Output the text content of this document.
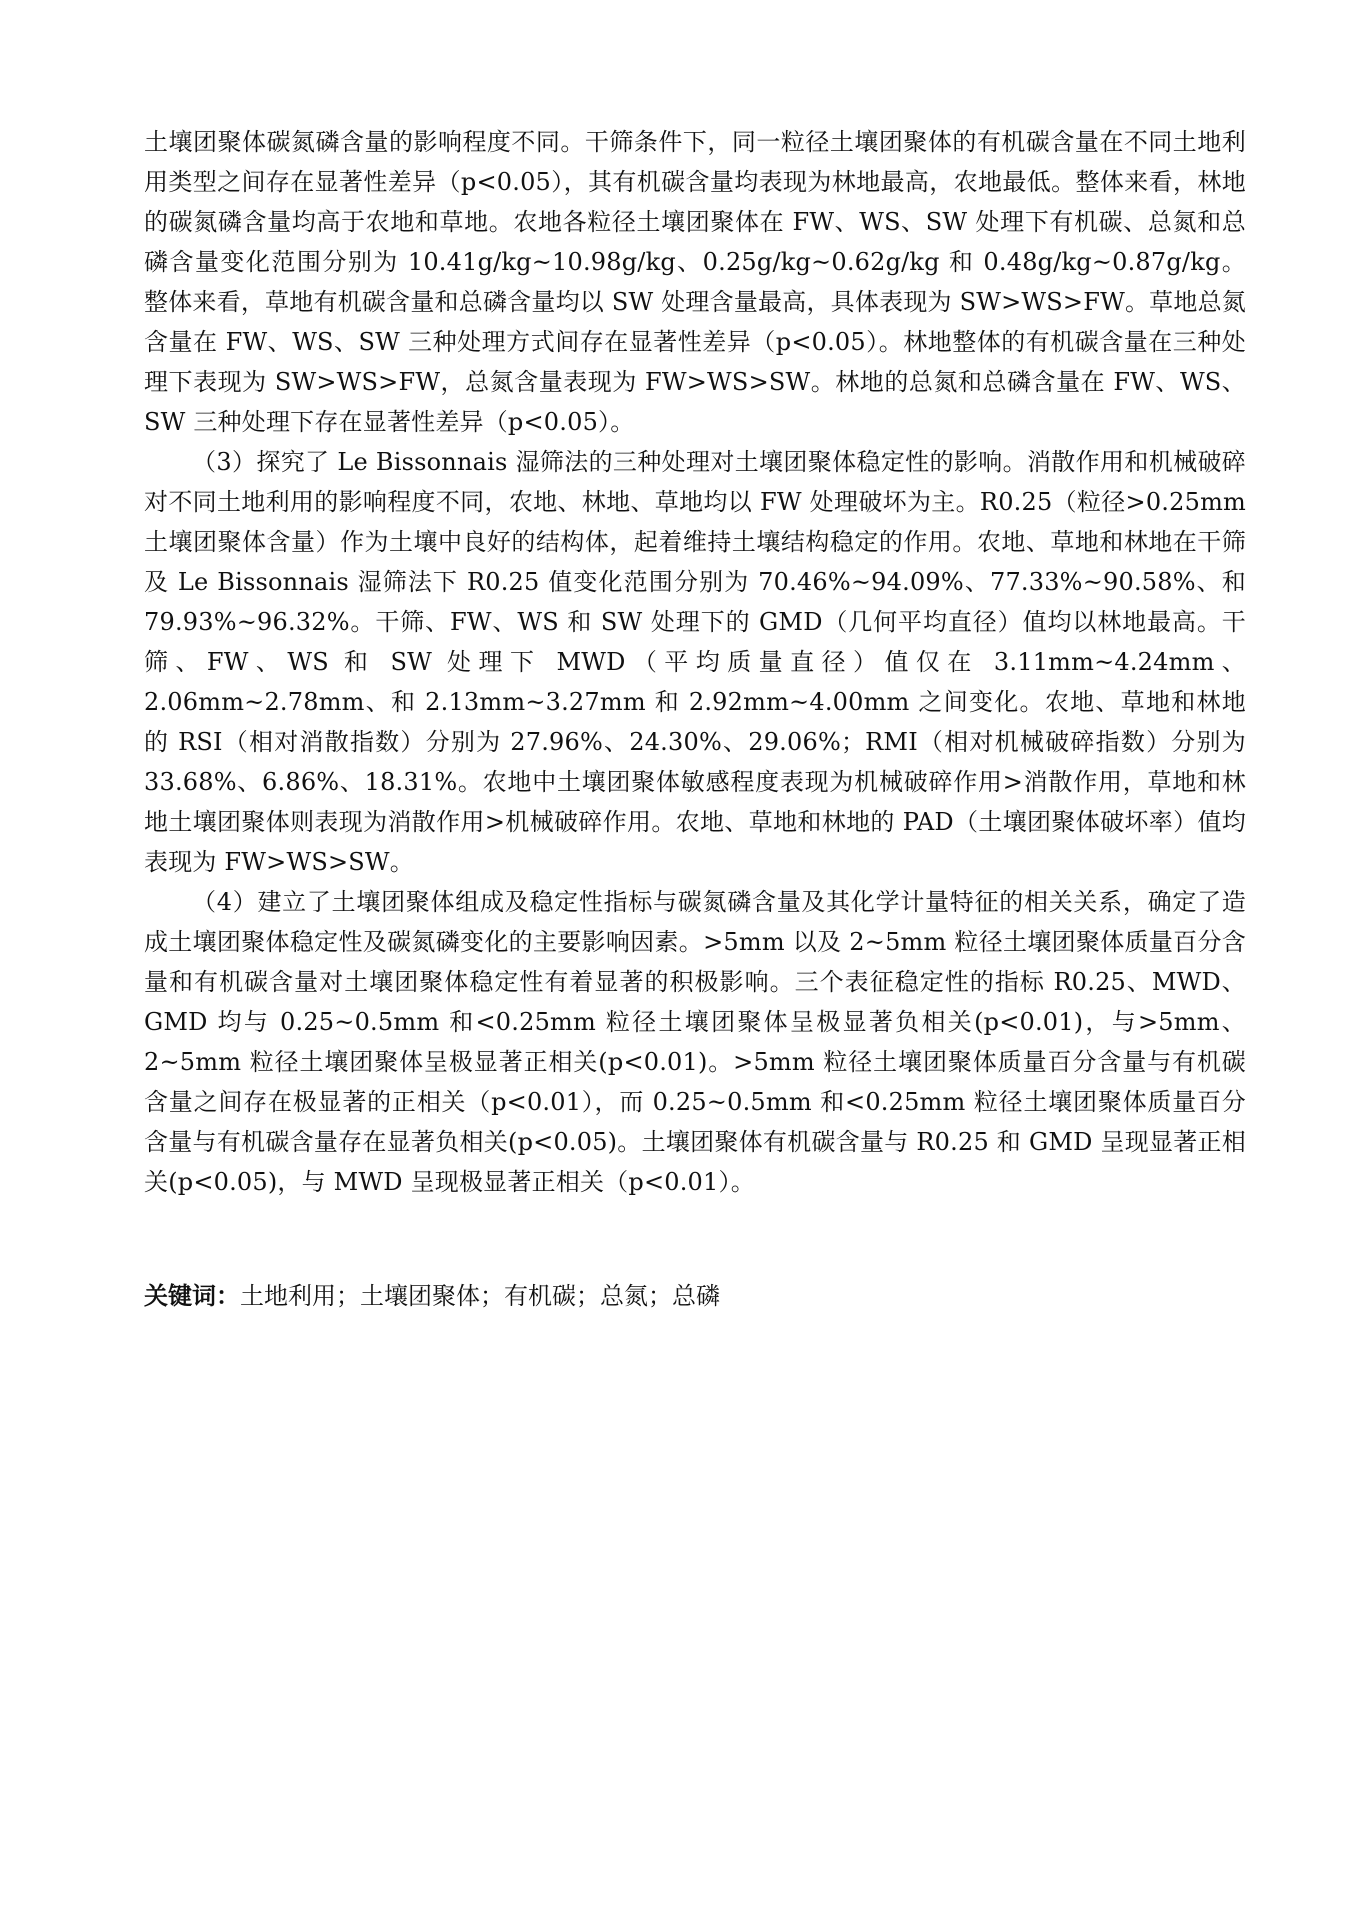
土壤团聚体碳氮磷含量的影响程度不同。干筛条件下，同一粒径土壤团聚体的有机碳含量在不同土地利用类型之间存在显著性差异（p<0.05），其有机碳含量均表现为林地最高，农地最低。整体来看，林地的碳氮磷含量均高于农地和草地。农地各粒径土壤团聚体在 FW、WS、SW 处理下有机碳、总氮和总磷含量变化范围分别为 10.41g/kg~10.98g/kg、0.25g/kg~0.62g/kg 和 0.48g/kg~0.87g/kg。整体来看，草地有机碳含量和总磷含量均以 SW 处理含量最高，具体表现为 SW>WS>FW。草地总氮含量在 FW、WS、SW 三种处理方式间存在显著性差异（p<0.05）。林地整体的有机碳含量在三种处理下表现为 SW>WS>FW，总氮含量表现为 FW>WS>SW。林地的总氮和总磷含量在 FW、WS、SW 三种处理下存在显著性差异（p<0.05）。

（3）探究了 Le Bissonnais 湿筛法的三种处理对土壤团聚体稳定性的影响。消散作用和机械破碎对不同土地利用的影响程度不同，农地、林地、草地均以 FW 处理破坏为主。R0.25（粒径>0.25mm 土壤团聚体含量）作为土壤中良好的结构体，起着维持土壤结构稳定的作用。农地、草地和林地在干筛及 Le Bissonnais 湿筛法下 R0.25 值变化范围分别为 70.46%~94.09%、77.33%~90.58%、和 79.93%~96.32%。干筛、FW、WS 和 SW 处理下的 GMD（几何平均直径）值均以林地最高。干筛、FW、WS 和 SW 处理下 MWD（平均质量直径）值仅在 3.11mm~4.24mm、2.06mm~2.78mm、和 2.13mm~3.27mm 和 2.92mm~4.00mm 之间变化。农地、草地和林地的 RSI（相对消散指数）分别为 27.96%、24.30%、29.06%；RMI（相对机械破碎指数）分别为 33.68%、6.86%、18.31%。农地中土壤团聚体敏感程度表现为机械破碎作用>消散作用，草地和林地土壤团聚体则表现为消散作用>机械破碎作用。农地、草地和林地的 PAD（土壤团聚体破坏率）值均表现为 FW>WS>SW。

（4）建立了土壤团聚体组成及稳定性指标与碳氮磷含量及其化学计量特征的相关关系，确定了造成土壤团聚体稳定性及碳氮磷变化的主要影响因素。>5mm 以及 2~5mm 粒径土壤团聚体质量百分含量和有机碳含量对土壤团聚体稳定性有着显著的积极影响。三个表征稳定性的指标 R0.25、MWD、GMD 均与 0.25~0.5mm 和<0.25mm 粒径土壤团聚体呈极显著负相关(p<0.01)，与>5mm、2~5mm 粒径土壤团聚体呈极显著正相关(p<0.01)。>5mm 粒径土壤团聚体质量百分含量与有机碳含量之间存在极显著的正相关（p<0.01），而 0.25~0.5mm 和<0.25mm 粒径土壤团聚体质量百分含量与有机碳含量存在显著负相关(p<0.05)。土壤团聚体有机碳含量与 R0.25 和 GMD 呈现显著正相关(p<0.05)，与 MWD 呈现极显著正相关（p<0.01）。

关键词：土地利用；土壤团聚体；有机碳；总氮；总磷
